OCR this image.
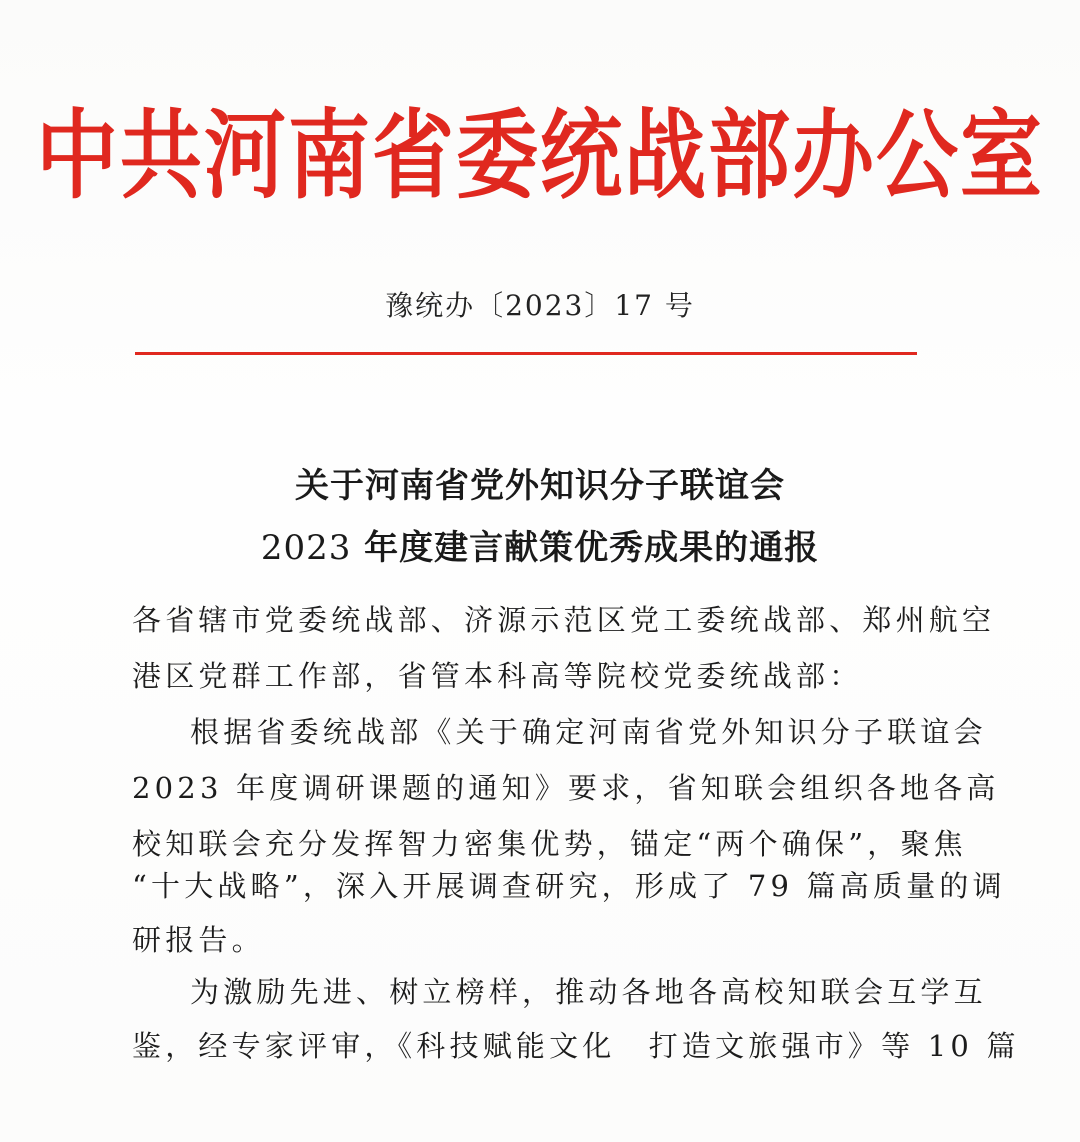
中共河南省委统战部办公室
豫统办〔2023〕17 号
关于河南省党外知识分子联谊会
2023 年度建言献策优秀成果的通报
各省辖市党委统战部、济源示范区党工委统战部、郑州航空
港区党群工作部，省管本科高等院校党委统战部：
根据省委统战部《关于确定河南省党外知识分子联谊会
2023 年度调研课题的通知》要求，省知联会组织各地各高
校知联会充分发挥智力密集优势，锚定“两个确保”，聚焦
“十大战略”，深入开展调查研究，形成了 79 篇高质量的调
研报告。
为激励先进、树立榜样，推动各地各高校知联会互学互
鉴，经专家评审，《科技赋能文化　打造文旅强市》等 10 篇
